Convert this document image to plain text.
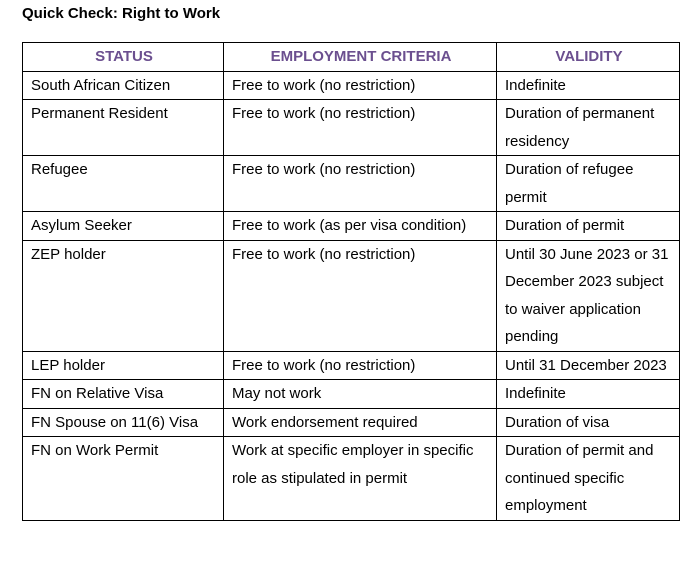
Quick Check: Right to Work
STATUS	EMPLOYMENT CRITERIA	VALIDITY
South African Citizen	Free to work (no restriction)	Indefinite
Permanent Resident	Free to work (no restriction)	Duration of permanent residency
Refugee	Free to work (no restriction)	Duration of refugee permit
Asylum Seeker	Free to work (as per visa condition)	Duration of permit
ZEP holder	Free to work (no restriction)	Until 30 June 2023 or 31 December 2023 subject to waiver application pending
LEP holder	Free to work (no restriction)	Until 31 December 2023
FN on Relative Visa	May not work	Indefinite
FN Spouse on 11(6) Visa	Work endorsement required	Duration of visa
FN on Work Permit	Work at specific employer in specific role as stipulated in permit	Duration of permit and continued specific employment
